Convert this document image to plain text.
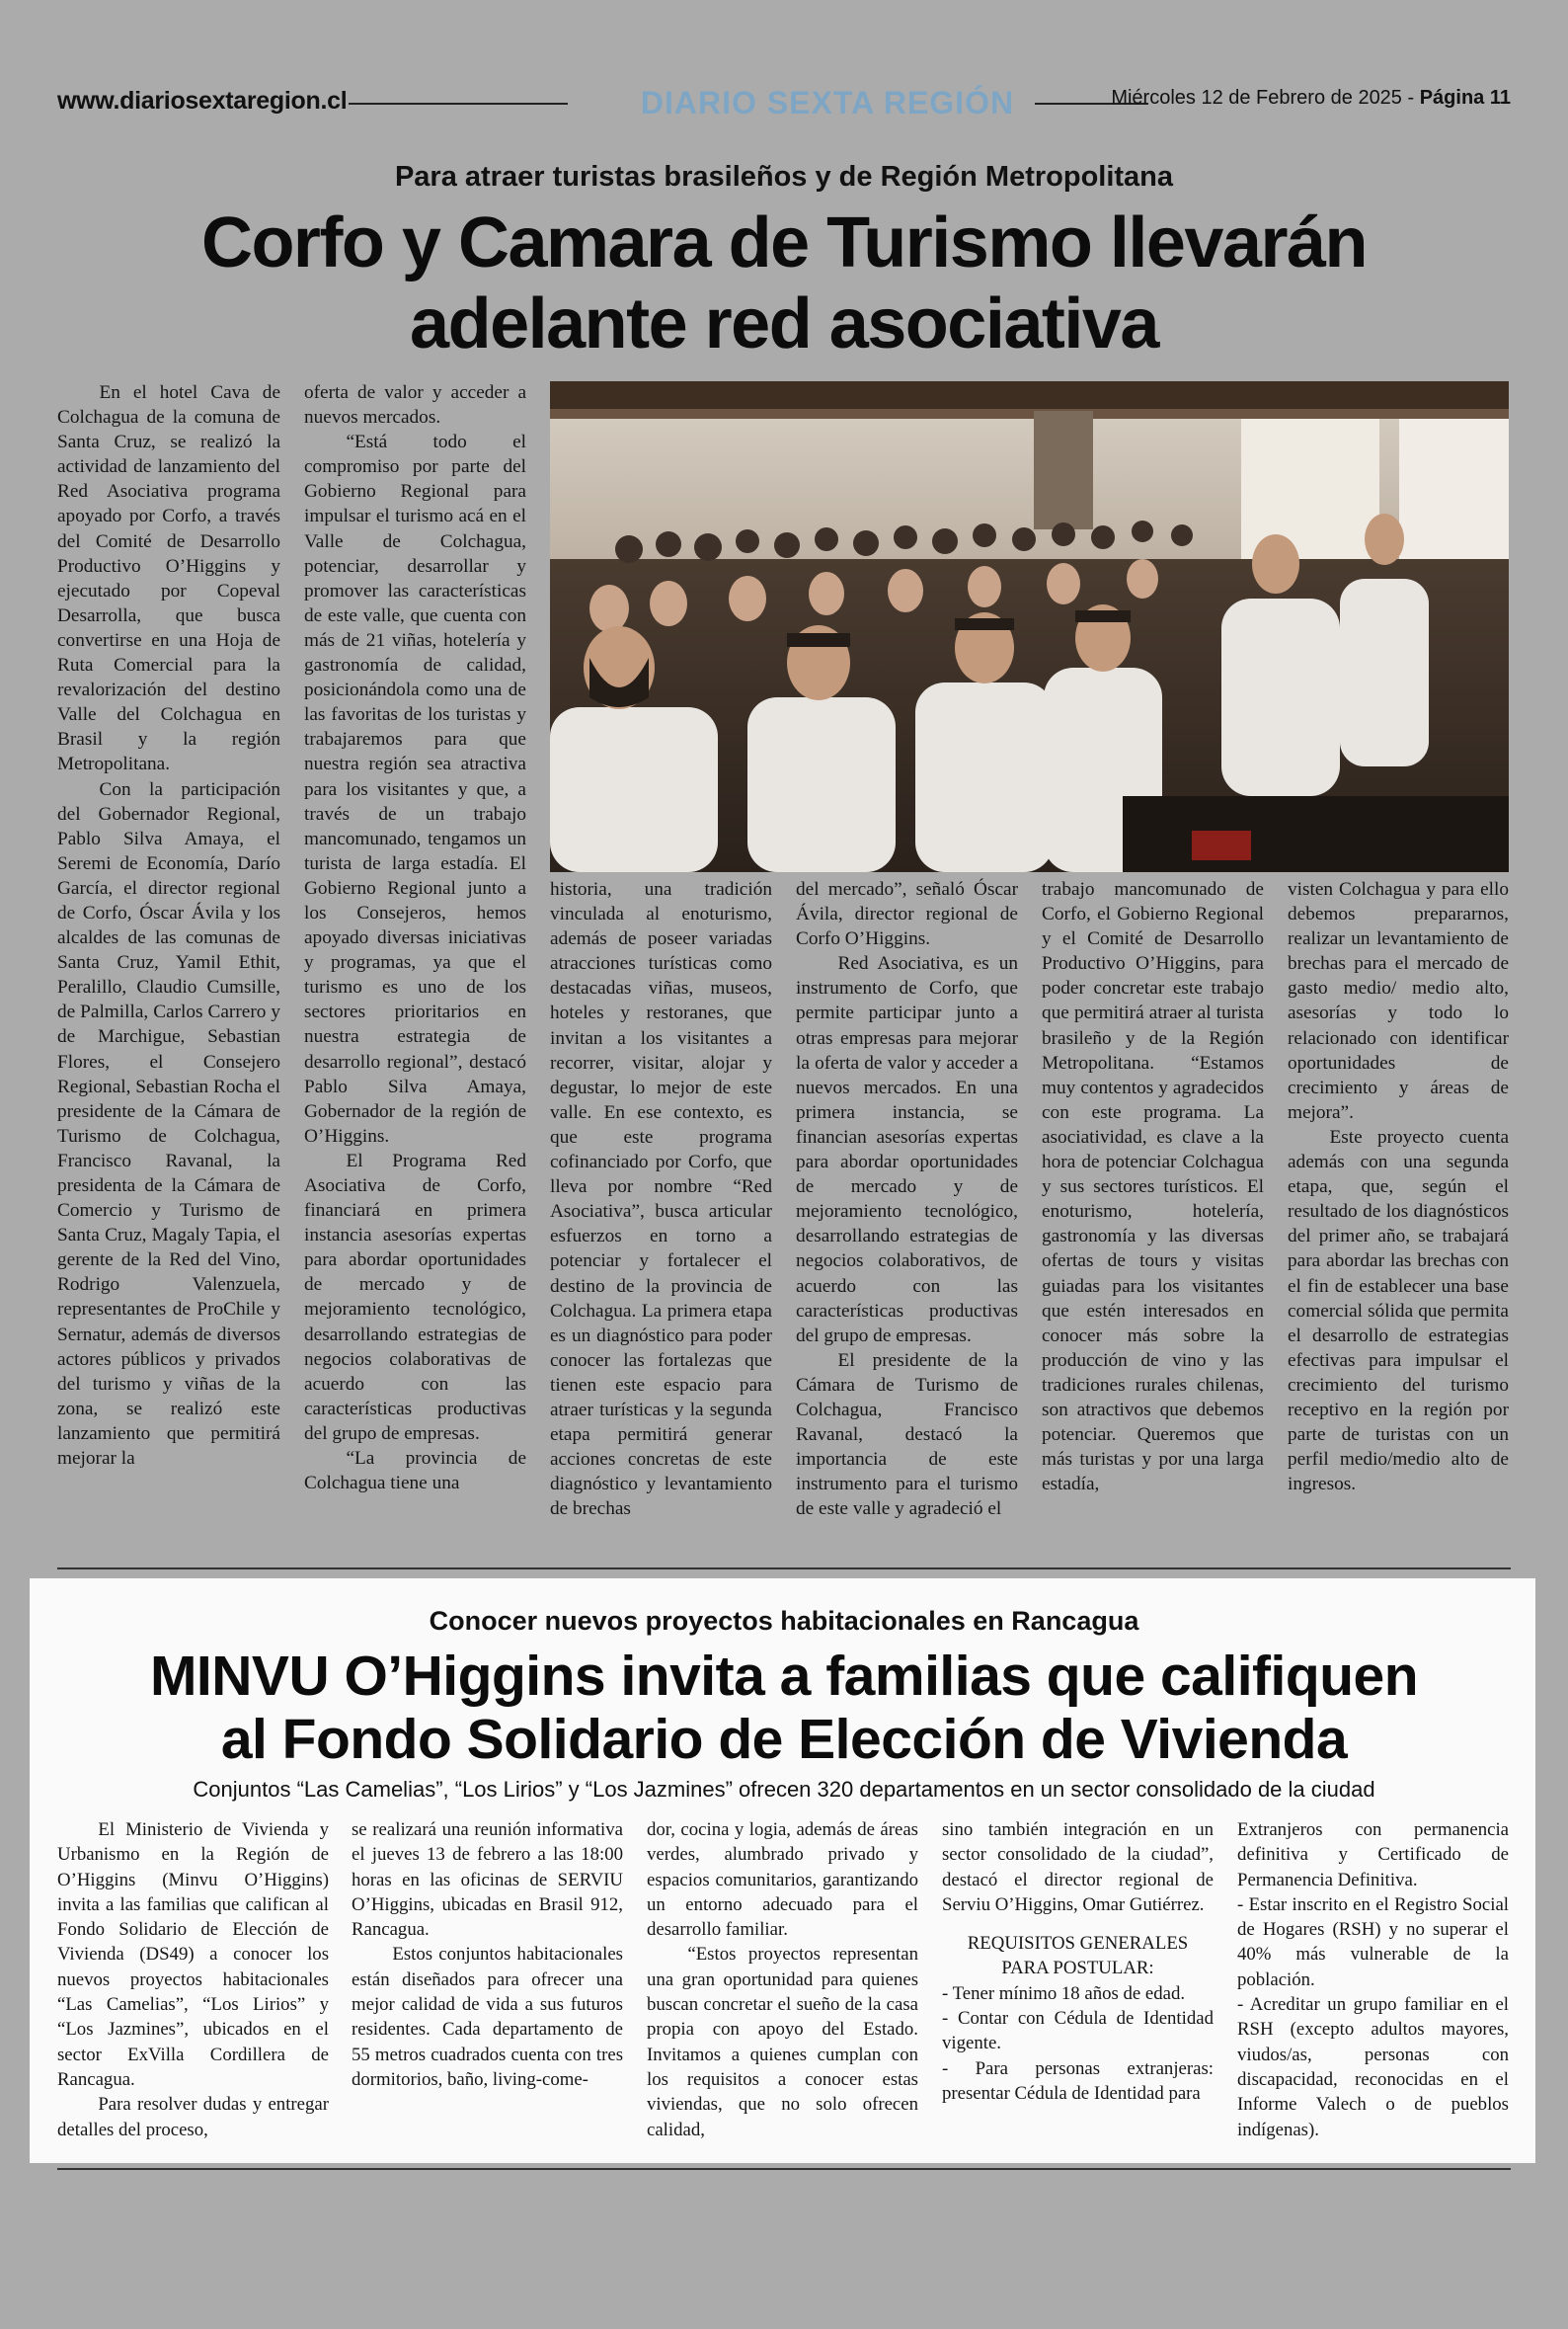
www.diariosextaregion.cl	DIARIO SEXTA REGIÓN	Miércoles 12 de Febrero de 2025 - Página 11
Para atraer turistas brasileños y de Región Metropolitana
Corfo y Camara de Turismo llevarán
adelante red asociativa

En el hotel Cava de Colchagua de la comuna de Santa Cruz, se realizó la actividad de lanzamiento del Red Asociativa programa apoyado por Corfo, a través del Comité de Desarrollo Productivo O’Higgins y ejecutado por Copeval Desarrolla, que busca convertirse en una Hoja de Ruta Comercial para la revalorización del destino Valle del Colchagua en Brasil y la región Metropolitana.

Con la participación del Gobernador Regional, Pablo Silva Amaya, el Seremi de Economía, Darío García, el director regional de Corfo, Óscar Ávila y los alcaldes de las comunas de Santa Cruz, Yamil Ethit, Peralillo, Claudio Cumsille, de Palmilla, Carlos Carrero y de Marchigue, Sebastian Flores, el Consejero Regional, Sebastian Rocha el presidente de la Cámara de Turismo de Colchagua, Francisco Ravanal, la presidenta de la Cámara de Comercio y Turismo de Santa Cruz, Magaly Tapia, el gerente de la Red del Vino, Rodrigo Valenzuela, representantes de ProChile y Sernatur, además de diversos actores públicos y privados del turismo y viñas de la zona, se realizó este lanzamiento que permitirá mejorar la

oferta de valor y acceder a nuevos mercados.

“Está todo el compromiso por parte del Gobierno Regional para impulsar el turismo acá en el Valle de Colchagua, potenciar, desarrollar y promover las características de este valle, que cuenta con más de 21 viñas, hotelería y gastronomía de calidad, posicionándola como una de las favoritas de los turistas y trabajaremos para que nuestra región sea atractiva para los visitantes y que, a través de un trabajo mancomunado, tengamos un turista de larga estadía. El Gobierno Regional junto a los Consejeros, hemos apoyado diversas iniciativas y programas, ya que el turismo es uno de los sectores prioritarios en nuestra estrategia de desarrollo regional”, destacó Pablo Silva Amaya, Gobernador de la región de O’Higgins.

El Programa Red Asociativa de Corfo, financiará en primera instancia asesorías expertas para abordar oportunidades de mercado y de mejoramiento tecnológico, desarrollando estrategias de negocios colaborativas de acuerdo con las características productivas del grupo de empresas.

“La provincia de Colchagua tiene una

historia, una tradición vinculada al enoturismo, además de poseer variadas atracciones turísticas como destacadas viñas, museos, hoteles y restoranes, que invitan a los visitantes a recorrer, visitar, alojar y degustar, lo mejor de este valle. En ese contexto, es que este programa cofinanciado por Corfo, que lleva por nombre “Red Asociativa”, busca articular esfuerzos en torno a potenciar y fortalecer el destino de la provincia de Colchagua. La primera etapa es un diagnóstico para poder conocer las fortalezas que tienen este espacio para atraer turísticas y la segunda etapa permitirá generar acciones concretas de este diagnóstico y levantamiento de brechas

del mercado”, señaló Óscar Ávila, director regional de Corfo O’Higgins.

Red Asociativa, es un instrumento de Corfo, que permite participar junto a otras empresas para mejorar la oferta de valor y acceder a nuevos mercados. En una primera instancia, se financian asesorías expertas para abordar oportunidades de mercado y de mejoramiento tecnológico, desarrollando estrategias de negocios colaborativos, de acuerdo con las características productivas del grupo de empresas.

El presidente de la Cámara de Turismo de Colchagua, Francisco Ravanal, destacó la importancia de este instrumento para el turismo de este valle y agradeció el

trabajo mancomunado de Corfo, el Gobierno Regional y el Comité de Desarrollo Productivo O’Higgins, para poder concretar este trabajo que permitirá atraer al turista brasileño y de la Región Metropolitana. “Estamos muy contentos y agradecidos con este programa. La asociatividad, es clave a la hora de potenciar Colchagua y sus sectores turísticos. El enoturismo, hotelería, gastronomía y las diversas ofertas de tours y visitas guiadas para los visitantes que estén interesados en conocer más sobre la producción de vino y las tradiciones rurales chilenas, son atractivos que debemos potenciar. Queremos que más turistas y por una larga estadía,

visten Colchagua y para ello debemos prepararnos, realizar un levantamiento de brechas para el mercado de gasto medio/ medio alto, asesorías y todo lo relacionado con identificar oportunidades de crecimiento y áreas de mejora”.

Este proyecto cuenta además con una segunda etapa, que, según el resultado de los diagnósticos del primer año, se trabajará para abordar las brechas con el fin de establecer una base comercial sólida que permita el desarrollo de estrategias efectivas para impulsar el crecimiento del turismo receptivo en la región por parte de turistas con un perfil medio/medio alto de ingresos.

Conocer nuevos proyectos habitacionales en Rancagua
MINVU O’Higgins invita a familias que califiquen
al Fondo Solidario de Elección de Vivienda
Conjuntos “Las Camelias”, “Los Lirios” y “Los Jazmines” ofrecen 320 departamentos en un sector consolidado de la ciudad

El Ministerio de Vivienda y Urbanismo en la Región de O’Higgins (Minvu O’Higgins) invita a las familias que califican al Fondo Solidario de Elección de Vivienda (DS49) a conocer los nuevos proyectos habitacionales “Las Camelias”, “Los Lirios” y “Los Jazmines”, ubicados en el sector ExVilla Cordillera de Rancagua.

Para resolver dudas y entregar detalles del proceso,

se realizará una reunión informativa el jueves 13 de febrero a las 18:00 horas en las oficinas de SERVIU O’Higgins, ubicadas en Brasil 912, Rancagua.

Estos conjuntos habitacionales están diseñados para ofrecer una mejor calidad de vida a sus futuros residentes. Cada departamento de 55 metros cuadrados cuenta con tres dormitorios, baño, living-come-

dor, cocina y logia, además de áreas verdes, alumbrado privado y espacios comunitarios, garantizando un entorno adecuado para el desarrollo familiar.

“Estos proyectos representan una gran oportunidad para quienes buscan concretar el sueño de la casa propia con apoyo del Estado. Invitamos a quienes cumplan con los requisitos a conocer estas viviendas, que no solo ofrecen calidad,

sino también integración en un sector consolidado de la ciudad”, destacó el director regional de Serviu O’Higgins, Omar Gutiérrez.

REQUISITOS GENERALES
PARA POSTULAR:

- Tener mínimo 18 años de edad.

- Contar con Cédula de Identidad vigente.

- Para personas extranjeras: presentar Cédula de Identidad para

Extranjeros con permanencia definitiva y Certificado de Permanencia Definitiva.

- Estar inscrito en el Registro Social de Hogares (RSH) y no superar el 40% más vulnerable de la población.

- Acreditar un grupo familiar en el RSH (excepto adultos mayores, viudos/as, personas con discapacidad, reconocidas en el Informe Valech o de pueblos indígenas).
